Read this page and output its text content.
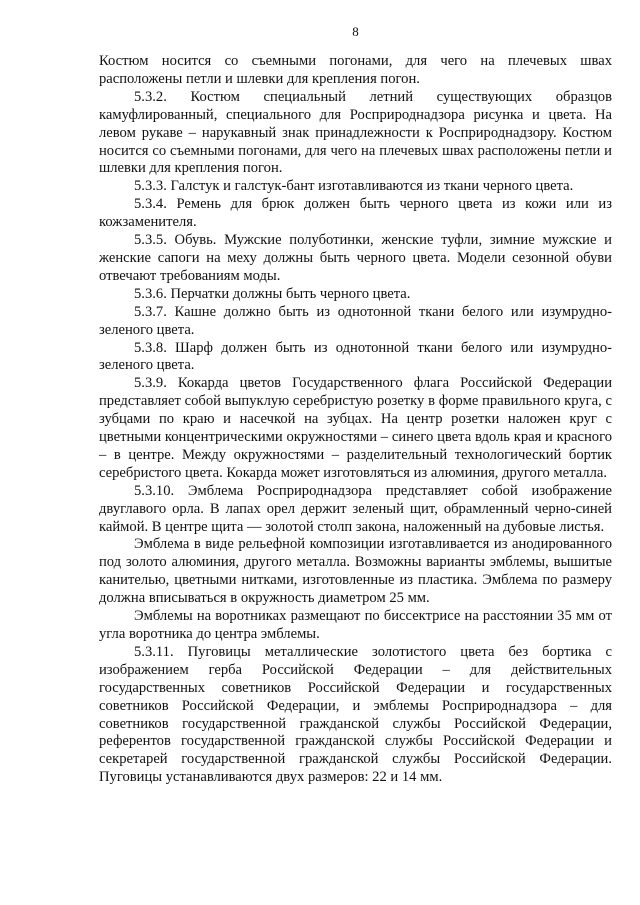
8

Костюм носится со съемными погонами, для чего на плечевых швах расположены петли и шлевки для крепления погон.

5.3.2. Костюм специальный летний существующих образцов камуфлированный, специального для Росприроднадзора рисунка и цвета. На левом рукаве – нарукавный знак принадлежности к Росприроднадзору. Костюм носится со съемными погонами, для чего на плечевых швах расположены петли и шлевки для крепления погон.

5.3.3. Галстук и галстук-бант изготавливаются из ткани черного цвета.

5.3.4. Ремень для брюк должен быть черного цвета из кожи или из кожзаменителя.

5.3.5. Обувь. Мужские полуботинки, женские туфли, зимние мужские и женские сапоги на меху должны быть черного цвета. Модели сезонной обуви отвечают требованиям моды.

5.3.6. Перчатки должны быть черного цвета.

5.3.7. Кашне должно быть из однотонной ткани белого или изумрудно-зеленого цвета.

5.3.8. Шарф должен быть из однотонной ткани белого или изумрудно-зеленого цвета.

5.3.9. Кокарда цветов Государственного флага Российской Федерации представляет собой выпуклую серебристую розетку в форме правильного круга, с зубцами по краю и насечкой на зубцах. На центр розетки наложен круг с цветными концентрическими окружностями – синего цвета вдоль края и красного – в центре. Между окружностями – разделительный технологический бортик серебристого цвета. Кокарда может изготовляться из алюминия, другого металла.

5.3.10. Эмблема Росприроднадзора представляет собой изображение двуглавого орла. В лапах орел держит зеленый щит, обрамленный черно-синей каймой. В центре щита — золотой столп закона, наложенный на дубовые листья.

Эмблема в виде рельефной композиции изготавливается из анодированного под золото алюминия, другого металла. Возможны варианты эмблемы, вышитые канителью, цветными нитками, изготовленные из пластика. Эмблема по размеру должна вписываться в окружность диаметром 25 мм.

Эмблемы на воротниках размещают по биссектрисе на расстоянии 35 мм от угла воротника до центра эмблемы.

5.3.11. Пуговицы металлические золотистого цвета без бортика с изображением герба Российской Федерации – для действительных государственных советников Российской Федерации и государственных советников Российской Федерации, и эмблемы Росприроднадзора – для советников государственной гражданской службы Российской Федерации, референтов государственной гражданской службы Российской Федерации и секретарей государственной гражданской службы Российской Федерации. Пуговицы устанавливаются двух размеров: 22 и 14 мм.
